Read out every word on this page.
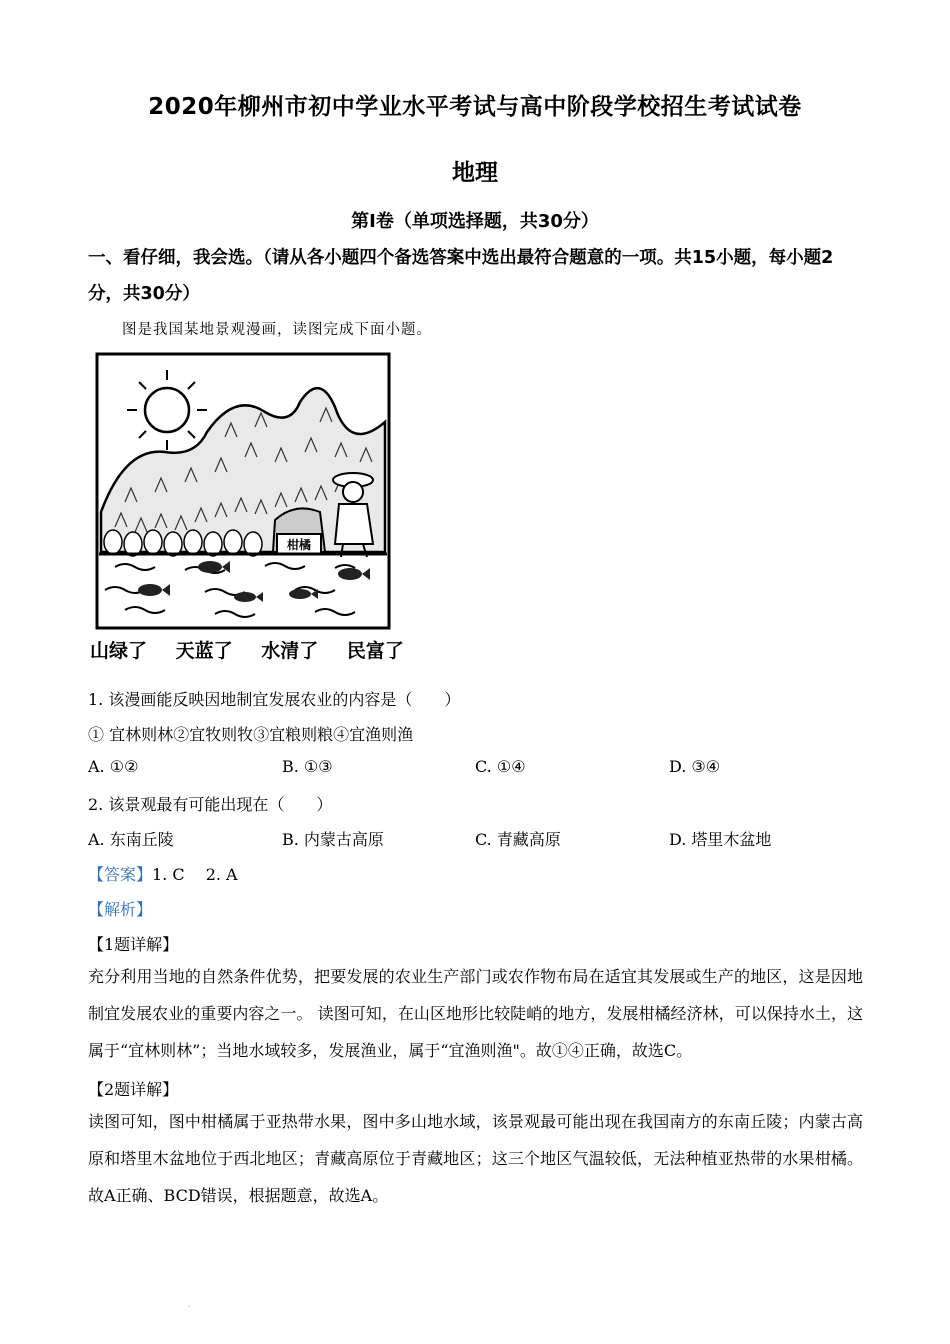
2020年柳州市初中学业水平考试与高中阶段学校招生考试试卷
地理
第Ⅰ卷（单项选择题，共30分）
一、看仔细，我会选。（请从各小题四个备选答案中选出最符合题意的一项。共15小题，每小题2分，共30分）
图是我国某地景观漫画，读图完成下面小题。
柑橘
山绿了 天蓝了 水清了 民富了
1. 该漫画能反映因地制宜发展农业的内容是（　　）
① 宜林则林②宜牧则牧③宜粮则粮④宜渔则渔
A. ①②	B. ①③	C. ①④	D. ③④
2. 该景观最有可能出现在（　　）
A. 东南丘陵	B. 内蒙古高原	C. 青藏高原	D. 塔里木盆地
【答案】1. C　 2. A
【解析】
【1题详解】
充分利用当地的自然条件优势，把要发展的农业生产部门或农作物布局在适宜其发展或生产的地区，这是因地制宜发展农业的重要内容之一。 读图可知，在山区地形比较陡峭的地方，发展柑橘经济林，可以保持水土，这属于“宜林则林”；当地水域较多，发展渔业，属于“宜渔则渔"。故①④正确，故选C。
【2题详解】
读图可知，图中柑橘属于亚热带水果，图中多山地水域，该景观最可能出现在我国南方的东南丘陵；内蒙古高原和塔里木盆地位于西北地区；青藏高原位于青藏地区；这三个地区气温较低，无法种植亚热带的水果柑橘。故A正确、BCD错误，根据题意，故选A。
.
